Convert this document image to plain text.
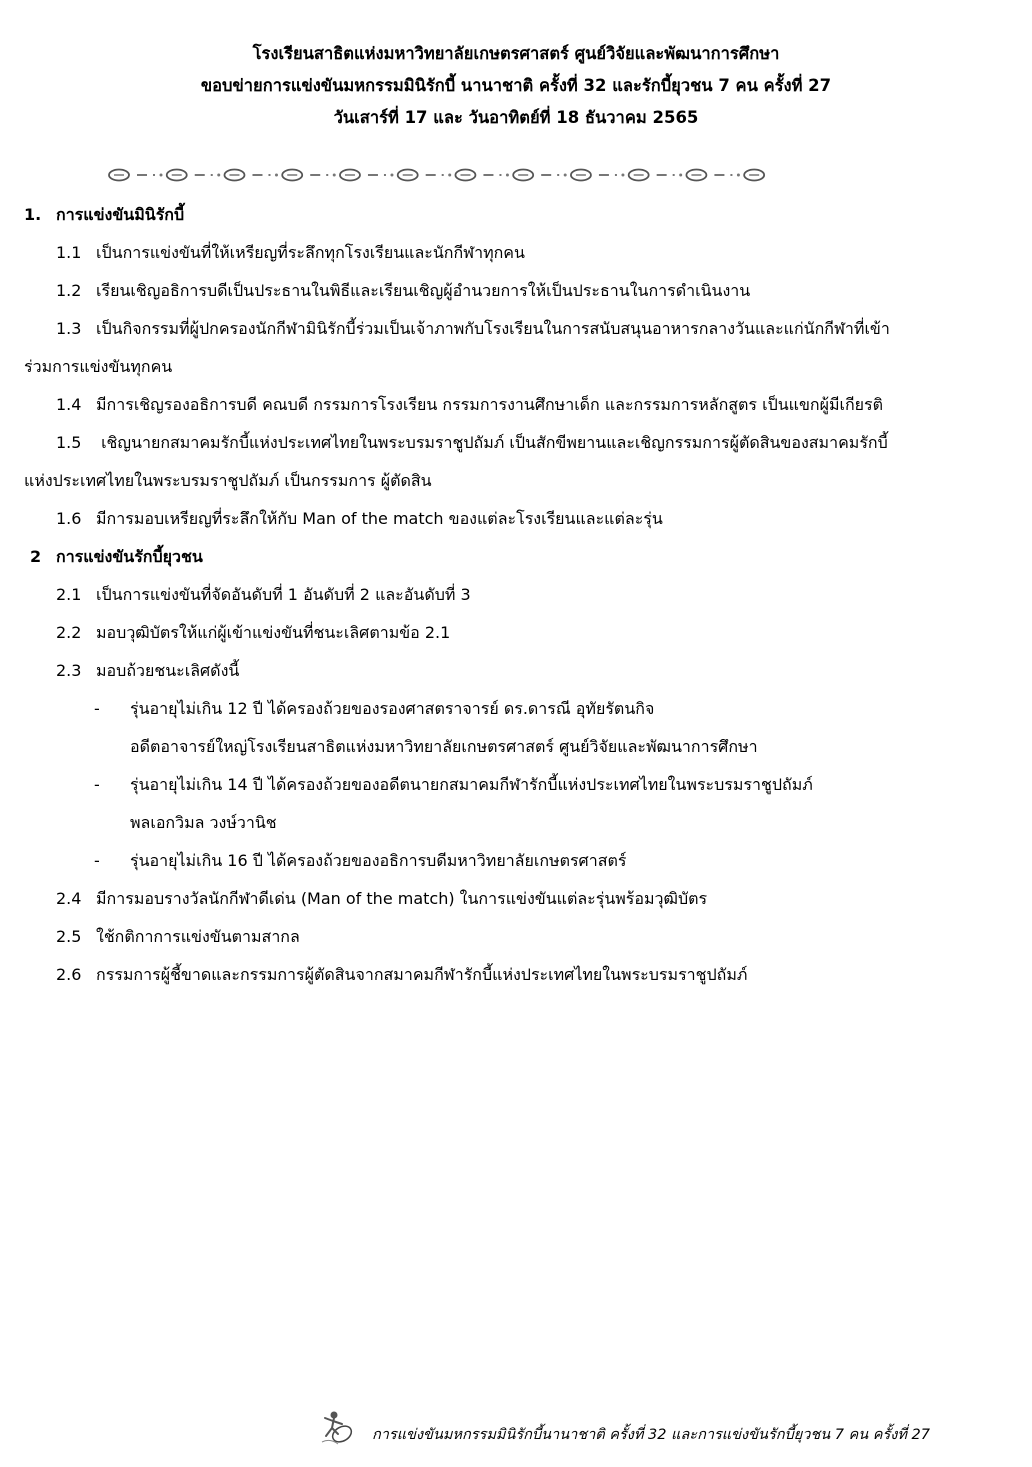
โรงเรียนสาธิตแห่งมหาวิทยาลัยเกษตรศาสตร์ ศูนย์วิจัยและพัฒนาการศึกษา
ขอบข่ายการแข่งขันมหกรรมมินิรักบี้ นานาชาติ ครั้งที่ 32 และรักบี้ยุวชน 7 คน ครั้งที่ 27
วันเสาร์ที่ 17 และ วันอาทิตย์ที่ 18 ธันวาคม 2565
1. การแข่งขันมินิรักบี้
1.1 เป็นการแข่งขันที่ให้เหรียญที่ระลึกทุกโรงเรียนและนักกีฬาทุกคน
1.2 เรียนเชิญอธิการบดีเป็นประธานในพิธีและเรียนเชิญผู้อำนวยการให้เป็นประธานในการดำเนินงาน
1.3 เป็นกิจกรรมที่ผู้ปกครองนักกีฬามินิรักบี้ร่วมเป็นเจ้าภาพกับโรงเรียนในการสนับสนุนอาหารกลางวันและแก่นักกีฬาที่เข้า
ร่วมการแข่งขันทุกคน
1.4 มีการเชิญรองอธิการบดี คณบดี กรรมการโรงเรียน กรรมการงานศึกษาเด็ก และกรรมการหลักสูตร เป็นแขกผู้มีเกียรติ
1.5 เชิญนายกสมาคมรักบี้แห่งประเทศไทยในพระบรมราชูปถัมภ์ เป็นสักขีพยานและเชิญกรรมการผู้ตัดสินของสมาคมรักบี้
แห่งประเทศไทยในพระบรมราชูปถัมภ์ เป็นกรรมการ ผู้ตัดสิน
1.6 มีการมอบเหรียญที่ระลึกให้กับ Man of the match ของแต่ละโรงเรียนและแต่ละรุ่น
2 การแข่งขันรักบี้ยุวชน
2.1 เป็นการแข่งขันที่จัดอันดับที่ 1 อันดับที่ 2 และอันดับที่ 3
2.2 มอบวุฒิบัตรให้แก่ผู้เข้าแข่งขันที่ชนะเลิศตามข้อ 2.1
2.3 มอบถ้วยชนะเลิศดังนี้
-	รุ่นอายุไม่เกิน 12 ปี ได้ครองถ้วยของรองศาสตราจารย์ ดร.ดารณี อุทัยรัตนกิจ
อดีตอาจารย์ใหญ่โรงเรียนสาธิตแห่งมหาวิทยาลัยเกษตรศาสตร์ ศูนย์วิจัยและพัฒนาการศึกษา
-	รุ่นอายุไม่เกิน 14 ปี ได้ครองถ้วยของอดีตนายกสมาคมกีฬารักบี้แห่งประเทศไทยในพระบรมราชูปถัมภ์
พลเอกวิมล วงษ์วานิช
-	รุ่นอายุไม่เกิน 16 ปี ได้ครองถ้วยของอธิการบดีมหาวิทยาลัยเกษตรศาสตร์
2.4 มีการมอบรางวัลนักกีฬาดีเด่น (Man of the match) ในการแข่งขันแต่ละรุ่นพร้อมวุฒิบัตร
2.5 ใช้กติกาการแข่งขันตามสากล
2.6 กรรมการผู้ชี้ขาดและกรรมการผู้ตัดสินจากสมาคมกีฬารักบี้แห่งประเทศไทยในพระบรมราชูปถัมภ์
การแข่งขันมหกรรมมินิรักบี้นานาชาติ ครั้งที่ 32 และการแข่งขันรักบี้ยุวชน 7 คน ครั้งที่ 27
